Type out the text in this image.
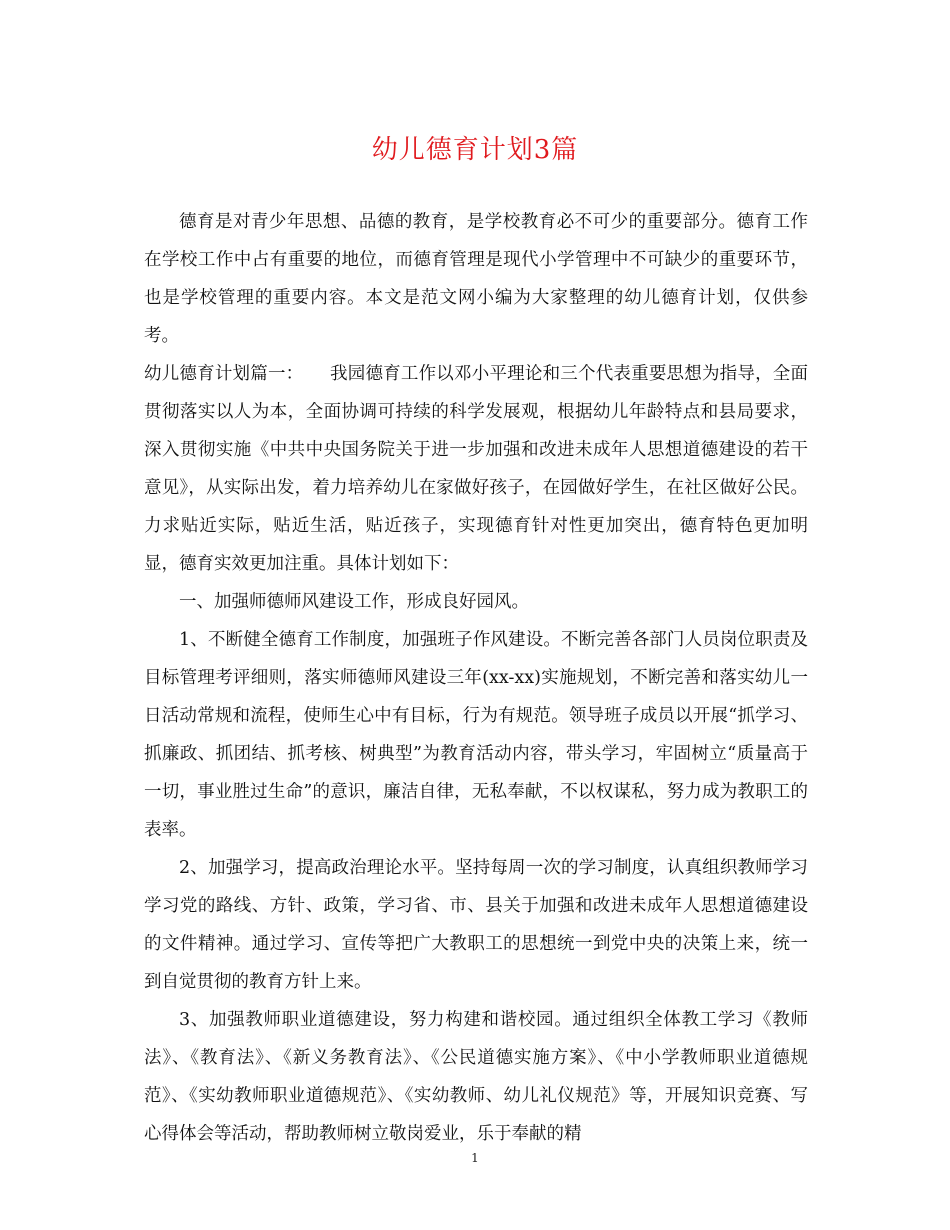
幼儿德育计划3篇

德育是对青少年思想、品德的教育，是学校教育必不可少的重要部分。德育工作在学校工作中占有重要的地位，而德育管理是现代小学管理中不可缺少的重要环节，也是学校管理的重要内容。本文是范文网小编为大家整理的幼儿德育计划，仅供参考。

幼儿德育计划篇一：　　我园德育工作以邓小平理论和三个代表重要思想为指导，全面贯彻落实以人为本，全面协调可持续的科学发展观，根据幼儿年龄特点和县局要求，深入贯彻实施《中共中央国务院关于进一步加强和改进未成年人思想道德建设的若干意见》，从实际出发，着力培养幼儿在家做好孩子，在园做好学生，在社区做好公民。力求贴近实际，贴近生活，贴近孩子，实现德育针对性更加突出，德育特色更加明显，德育实效更加注重。具体计划如下：

一、加强师德师风建设工作，形成良好园风。

1、不断健全德育工作制度，加强班子作风建设。不断完善各部门人员岗位职责及目标管理考评细则，落实师德师风建设三年(xx-xx)实施规划，不断完善和落实幼儿一日活动常规和流程，使师生心中有目标，行为有规范。领导班子成员以开展“抓学习、抓廉政、抓团结、抓考核、树典型”为教育活动内容，带头学习，牢固树立“质量高于一切，事业胜过生命”的意识，廉洁自律，无私奉献，不以权谋私，努力成为教职工的表率。

2、加强学习，提高政治理论水平。坚持每周一次的学习制度，认真组织教师学习学习党的路线、方针、政策，学习省、市、县关于加强和改进未成年人思想道德建设的文件精神。通过学习、宣传等把广大教职工的思想统一到党中央的决策上来，统一到自觉贯彻的教育方针上来。

3、加强教师职业道德建设，努力构建和谐校园。通过组织全体教工学习《教师法》、《教育法》、《新义务教育法》、《公民道德实施方案》、《中小学教师职业道德规范》、《实幼教师职业道德规范》、《实幼教师、幼儿礼仪规范》等，开展知识竞赛、写心得体会等活动，帮助教师树立敬岗爱业，乐于奉献的精

1
